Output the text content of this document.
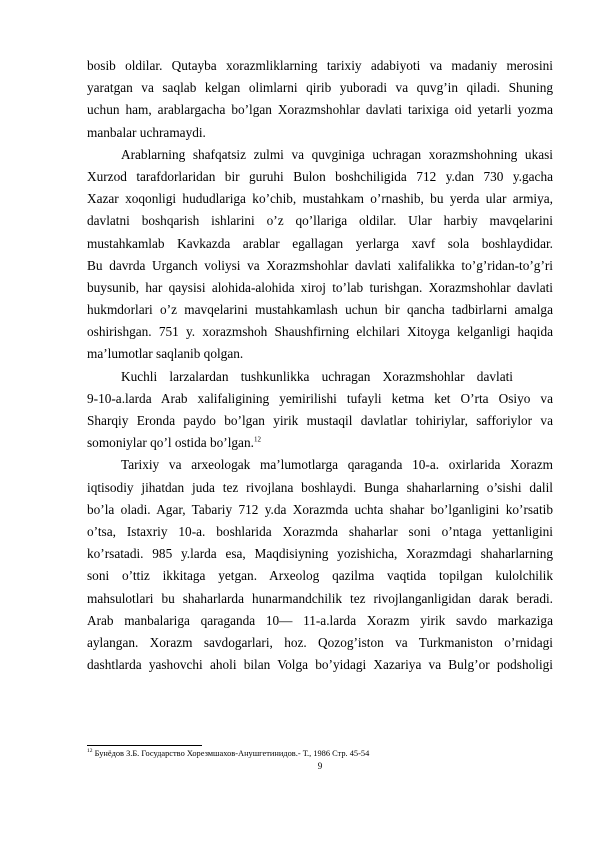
bosib oldilar. Qutayba xorazmliklarning tarixiy adabiyoti va madaniy merosini
yaratgan va saqlab kelgan olimlarni qirib yuboradi va quvg’in qiladi. Shuning
uchun ham, arablargacha bo’lgan Xorazmshohlar davlati tarixiga oid yetarli yozma
manbalar uchramaydi.
Arablarning shafqatsiz zulmi va quvginiga uchragan xorazmshohning ukasi
Xurzod tarafdorlaridan bir guruhi Bulon boshchiligida 712 y.dan 730 y.gacha
Xazar xoqonligi hududlariga ko’chib, mustahkam o’rnashib, bu yerda ular armiya,
davlatni boshqarish ishlarini o’z qo’llariga oldilar. Ular harbiy mavqelarini
mustahkamlab Kavkazda arablar egallagan yerlarga xavf sola boshlaydidar.
Bu davrda Urganch voliysi va Xorazmshohlar davlati xalifalikka to’g’ridan-to’g’ri
buysunib, har qaysisi alohida-alohida xiroj to’lab turishgan. Xorazmshohlar davlati
hukmdorlari o’z mavqelarini mustahkamlash uchun bir qancha tadbirlarni amalga
oshirishgan. 751 y. xorazmshoh Shaushfirning elchilari Xitoyga kelganligi haqida
ma’lumotlar saqlanib qolgan.
Kuchli larzalardan tushkunlikka uchragan Xorazmshohlar davlati
9-10-a.larda Arab xalifaligining yemirilishi tufayli ketma ket O’rta Osiyo va
Sharqiy Eronda paydo bo’lgan yirik mustaqil davlatlar tohiriylar, safforiylor va
somoniylar qo’l ostida bo’lgan.$^{12}$
Tarixiy va arxeologak ma’lumotlarga qaraganda 10-a. oxirlarida Xorazm
iqtisodiy jihatdan juda tez rivojlana boshlaydi. Bunga shaharlarning o’sishi dalil
bo’la oladi. Agar, Tabariy 712 y.da Xorazmda uchta shahar bo’lganligini ko’rsatib
o’tsa, Istaxriy 10-a. boshlarida Xorazmda shaharlar soni o’ntaga yettanligini
ko’rsatadi. 985 y.larda esa, Maqdisiyning yozishicha, Xorazmdagi shaharlarning
soni o’ttiz ikkitaga yetgan. Arxeolog qazilma vaqtida topilgan kulolchilik
mahsulotlari bu shaharlarda hunarmandchilik tez rivojlanganligidan darak beradi.
Arab manbalariga qaraganda 10— 11-a.larda Xorazm yirik savdo markaziga
aylangan. Xorazm savdogarlari, hoz. Qozog’iston va Turkmaniston o’rnidagi
dashtlarda yashovchi aholi bilan Volga bo’yidagi Xazariya va Bulg’or podsholigi
$^{12}$ Бунёдов З.Б. Государство Хорезмшахов-Анушгетинидов.- Т., 1986 Стр. 45-54
9
